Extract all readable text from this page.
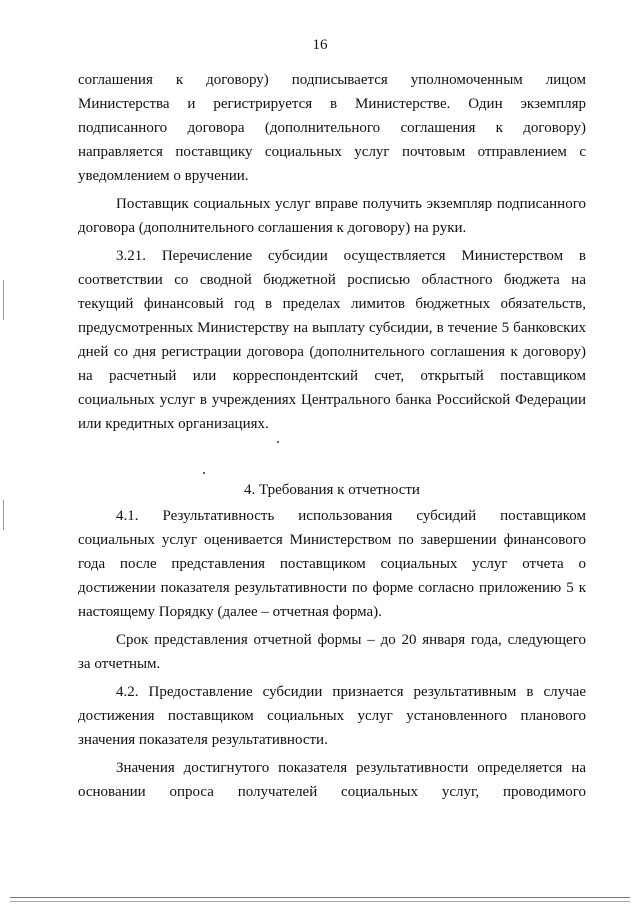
16
соглашения к договору) подписывается уполномоченным лицом
Министерства и регистрируется в Министерстве. Один экземпляр
подписанного договора (дополнительного соглашения к договору)
направляется поставщику социальных услуг почтовым отправлением с
уведомлением о вручении.
Поставщик социальных услуг вправе получить экземпляр подписанного
договора (дополнительного соглашения к договору) на руки.
3.21. Перечисление субсидии осуществляется Министерством в
соответствии со сводной бюджетной росписью областного бюджета на
текущий финансовый год в пределах лимитов бюджетных обязательств,
предусмотренных Министерству на выплату субсидии, в течение 5 банковских
дней со дня регистрации договора (дополнительного соглашения к договору)
на расчетный или корреспондентский счет, открытый поставщиком
социальных услуг в учреждениях Центрального банка Российской Федерации
или кредитных организациях.
4. Требования к отчетности
4.1. Результативность использования субсидий поставщиком
социальных услуг оценивается Министерством по завершении финансового
года после представления поставщиком социальных услуг отчета о
достижении показателя результативности по форме согласно приложению 5 к
настоящему Порядку (далее – отчетная форма).
Срок представления отчетной формы – до 20 января года, следующего
за отчетным.
4.2. Предоставление субсидии признается результативным в случае
достижения поставщиком социальных услуг установленного планового
значения показателя результативности.
Значения достигнутого показателя результативности определяется на
основании опроса получателей социальных услуг, проводимого
